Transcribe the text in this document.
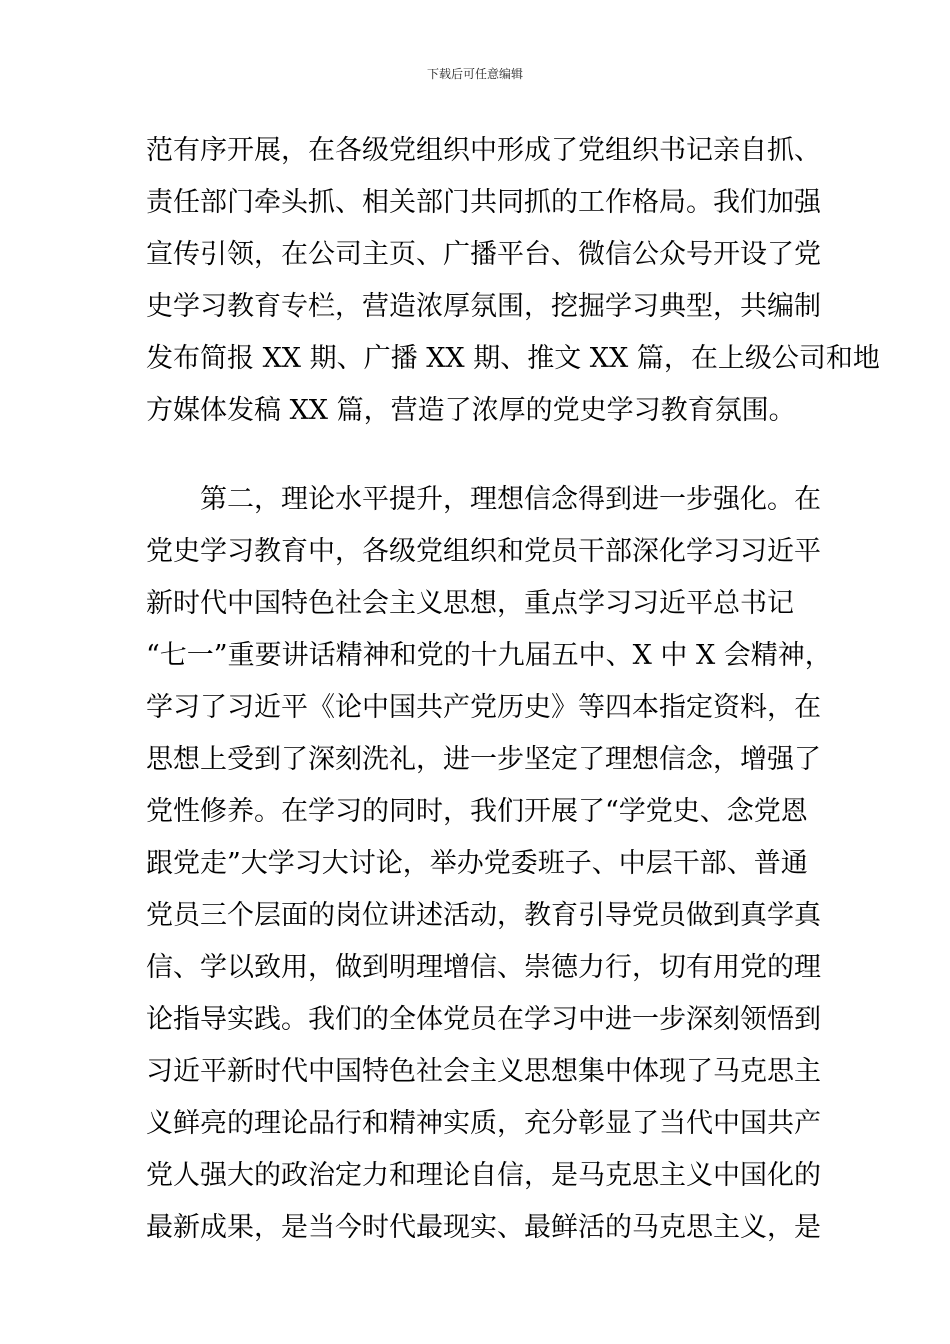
下载后可任意编辑
范有序开展，在各级党组织中形成了党组织书记亲自抓、
责任部门牵头抓、相关部门共同抓的工作格局。我们加强
宣传引领，在公司主页、广播平台、微信公众号开设了党
史学习教育专栏，营造浓厚氛围，挖掘学习典型，共编制
发布简报 XX 期、广播 XX 期、推文 XX 篇，在上级公司和地
方媒体发稿 XX 篇，营造了浓厚的党史学习教育氛围。
　　第二，理论水平提升，理想信念得到进一步强化。在
党史学习教育中，各级党组织和党员干部深化学习习近平
新时代中国特色社会主义思想，重点学习习近平总书记
“七一”重要讲话精神和党的十九届五中、X 中 X 会精神，
学习了习近平《论中国共产党历史》等四本指定资料，在
思想上受到了深刻洗礼，进一步坚定了理想信念，增强了
党性修养。在学习的同时，我们开展了“学党史、念党恩
跟党走”大学习大讨论，举办党委班子、中层干部、普通
党员三个层面的岗位讲述活动，教育引导党员做到真学真
信、学以致用，做到明理增信、崇德力行，切有用党的理
论指导实践。我们的全体党员在学习中进一步深刻领悟到
习近平新时代中国特色社会主义思想集中体现了马克思主
义鲜亮的理论品行和精神实质，充分彰显了当代中国共产
党人强大的政治定力和理论自信，是马克思主义中国化的
最新成果，是当今时代最现实、最鲜活的马克思主义，是
